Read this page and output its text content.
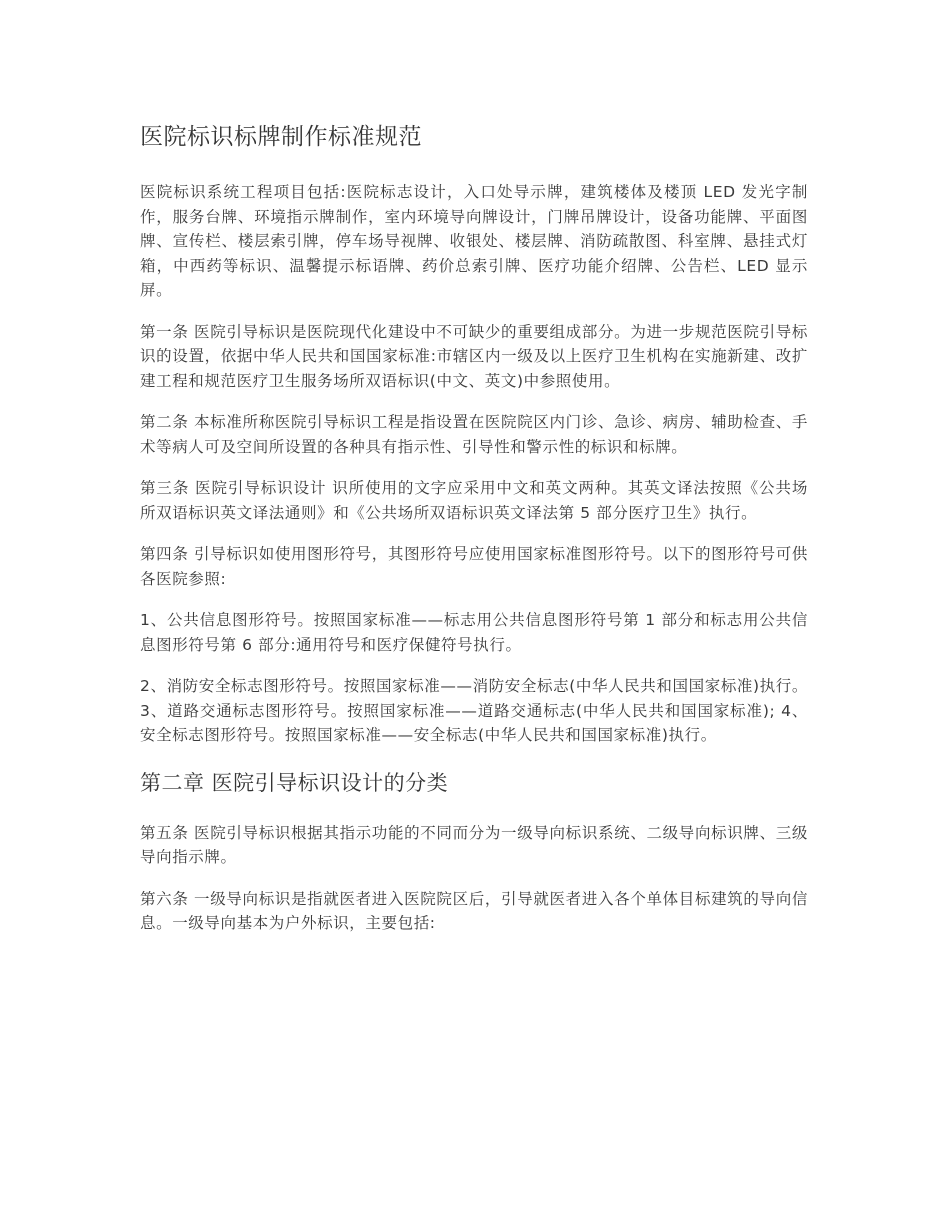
医院标识标牌制作标准规范

医院标识系统工程项目包括:医院标志设计，入口处导示牌，建筑楼体及楼顶 LED 发光字制作，服务台牌、环境指示牌制作，室内环境导向牌设计，门牌吊牌设计，设备功能牌、平面图牌、宣传栏、楼层索引牌，停车场导视牌、收银处、楼层牌、消防疏散图、科室牌、悬挂式灯箱，中西药等标识、温馨提示标语牌、药价总索引牌、医疗功能介绍牌、公告栏、LED 显示屏。

第一条 医院引导标识是医院现代化建设中不可缺少的重要组成部分。为进一步规范医院引导标识的设置，依据中华人民共和国国家标准:市辖区内一级及以上医疗卫生机构在实施新建、改扩建工程和规范医疗卫生服务场所双语标识(中文、英文)中参照使用。

第二条 本标准所称医院引导标识工程是指设置在医院院区内门诊、急诊、病房、辅助检查、手术等病人可及空间所设置的各种具有指示性、引导性和警示性的标识和标牌。

第三条 医院引导标识设计 识所使用的文字应采用中文和英文两种。其英文译法按照《公共场所双语标识英文译法通则》和《公共场所双语标识英文译法第 5 部分医疗卫生》执行。

第四条 引导标识如使用图形符号，其图形符号应使用国家标准图形符号。以下的图形符号可供各医院参照:

1、公共信息图形符号。按照国家标准——标志用公共信息图形符号第 1 部分和标志用公共信息图形符号第 6 部分:通用符号和医疗保健符号执行。

2、消防安全标志图形符号。按照国家标准——消防安全标志(中华人民共和国国家标准)执行。 3、道路交通标志图形符号。按照国家标准——道路交通标志(中华人民共和国国家标准); 4、安全标志图形符号。按照国家标准——安全标志(中华人民共和国国家标准)执行。

第二章 医院引导标识设计的分类

第五条 医院引导标识根据其指示功能的不同而分为一级导向标识系统、二级导向标识牌、三级导向指示牌。

第六条 一级导向标识是指就医者进入医院院区后，引导就医者进入各个单体目标建筑的导向信息。一级导向基本为户外标识，主要包括:
